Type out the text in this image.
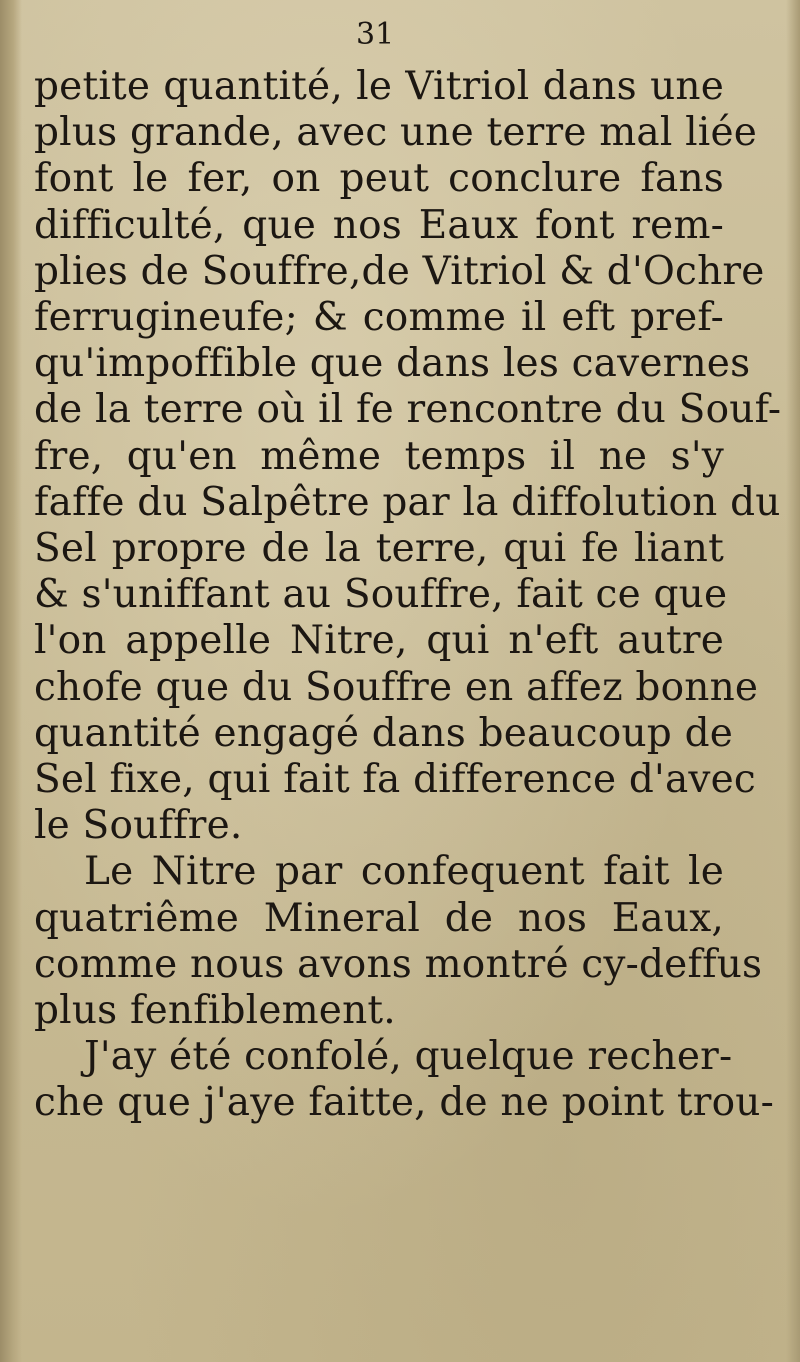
31
petite quantité, le Vitriol dans une
plus grande, avec une terre mal liée
font le fer, on peut conclure fans
difficulté, que nos Eaux font rem-
plies de Souffre,de Vitriol & d'Ochre
ferrugineufe; & comme il eft pref-
qu'impoffible que dans les cavernes
de la terre où il fe rencontre du Souf-
fre, qu'en même temps il ne s'y
faffe du Salpêtre par la diffolution du
Sel propre de la terre, qui fe liant
& s'uniffant au Souffre, fait ce que
l'on appelle Nitre, qui n'eft autre
chofe que du Souffre en affez bonne
quantité engagé dans beaucoup de
Sel fixe, qui fait fa difference d'avec
le Souffre.
Le Nitre par confequent fait le
quatriême Mineral de nos Eaux,
comme nous avons montré cy-deffus
plus fenfiblement.
J'ay été confolé, quelque recher-
che que j'aye faitte, de ne point trou-
